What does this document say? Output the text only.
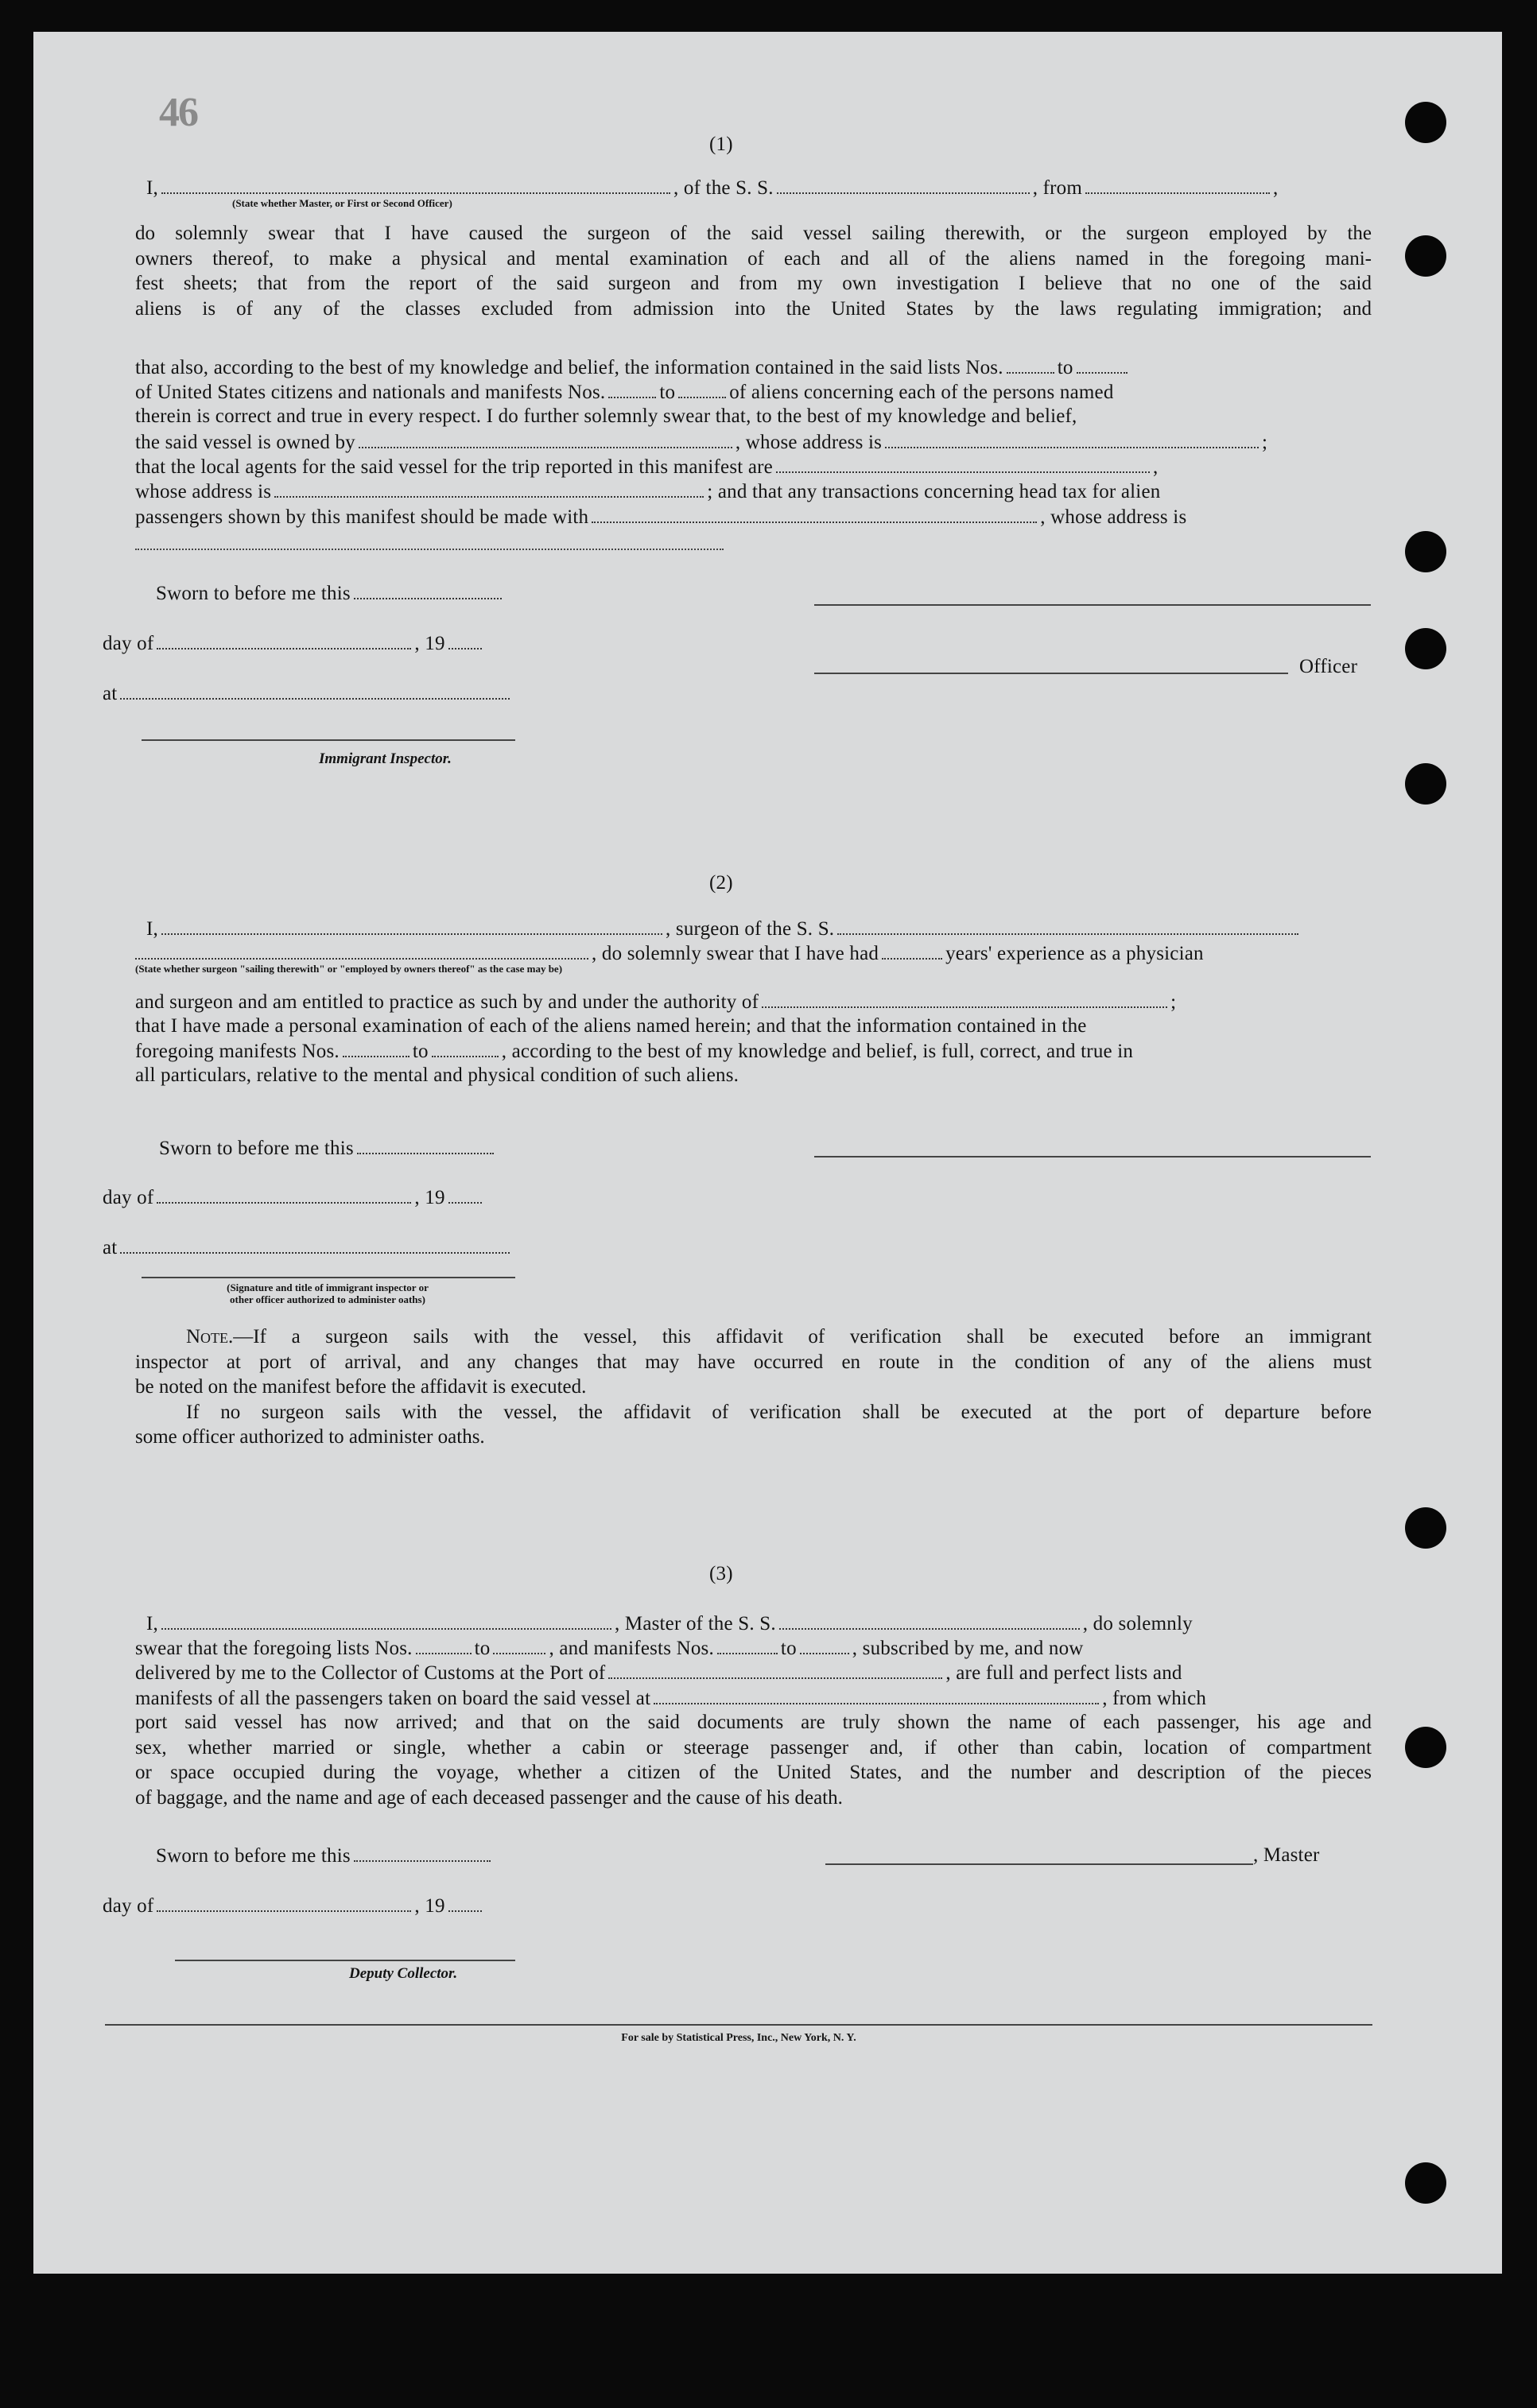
46

(1)
I,	, of the S. S.	, from	,
(State whether Master, or First or Second Officer)

do solemnly swear that I have caused the surgeon of the said vessel sailing therewith, or the surgeon employed by the

owners thereof, to make a physical and mental examination of each and all of the aliens named in the foregoing mani-

fest sheets; that from the report of the said surgeon and from my own investigation I believe that no one of the said

aliens is of any of the classes excluded from admission into the United States by the laws regulating immigration; and

that also, according to the best of my knowledge and belief, the information contained in the said lists Nos.	to
of United States citizens and nationals and manifests Nos.	to	of aliens concerning each of the persons named
therein is correct and true in every respect. I do further solemnly swear that, to the best of my knowledge and belief,
the said vessel is owned by	, whose address is	;
that the local agents for the said vessel for the trip reported in this manifest are	,
whose address is	; and that any transactions concerning head tax for alien
passengers shown by this manifest should be made with	, whose address is
Sworn to before me this
day of	, 19
Officer
at
Immigrant Inspector.
(2)
I,	, surgeon of the S. S.
, do solemnly swear that I have had	years' experience as a physician
(State whether surgeon "sailing therewith" or "employed by owners thereof" as the case may be)
and surgeon and am entitled to practice as such by and under the authority of	;
that I have made a personal examination of each of the aliens named herein; and that the information contained in the
foregoing manifests Nos.	to	, according to the best of my knowledge and belief, is full, correct, and true in
all particulars, relative to the mental and physical condition of such aliens.
Sworn to before me this
day of	, 19
at
(Signature and title of immigrant inspector or
other officer authorized to administer oaths)

Note.—If a surgeon sails with the vessel, this affidavit of verification shall be executed before an immigrant

inspector at port of arrival, and any changes that may have occurred en route in the condition of any of the aliens must

be noted on the manifest before the affidavit is executed.

If no surgeon sails with the vessel, the affidavit of verification shall be executed at the port of departure before

some officer authorized to administer oaths.

(3)
I,	, Master of the S. S.	, do solemnly
swear that the foregoing lists Nos.	to	, and manifests Nos.	to	, subscribed by me, and now
delivered by me to the Collector of Customs at the Port of	, are full and perfect lists and
manifests of all the passengers taken on board the said vessel at	, from which

port said vessel has now arrived; and that on the said documents are truly shown the name of each passenger, his age and

sex, whether married or single, whether a cabin or steerage passenger and, if other than cabin, location of compartment

or space occupied during the voyage, whether a citizen of the United States, and the number and description of the pieces

of baggage, and the name and age of each deceased passenger and the cause of his death.

Sworn to before me this	, Master
day of	, 19
Deputy Collector.
For sale by Statistical Press, Inc., New York, N. Y.
